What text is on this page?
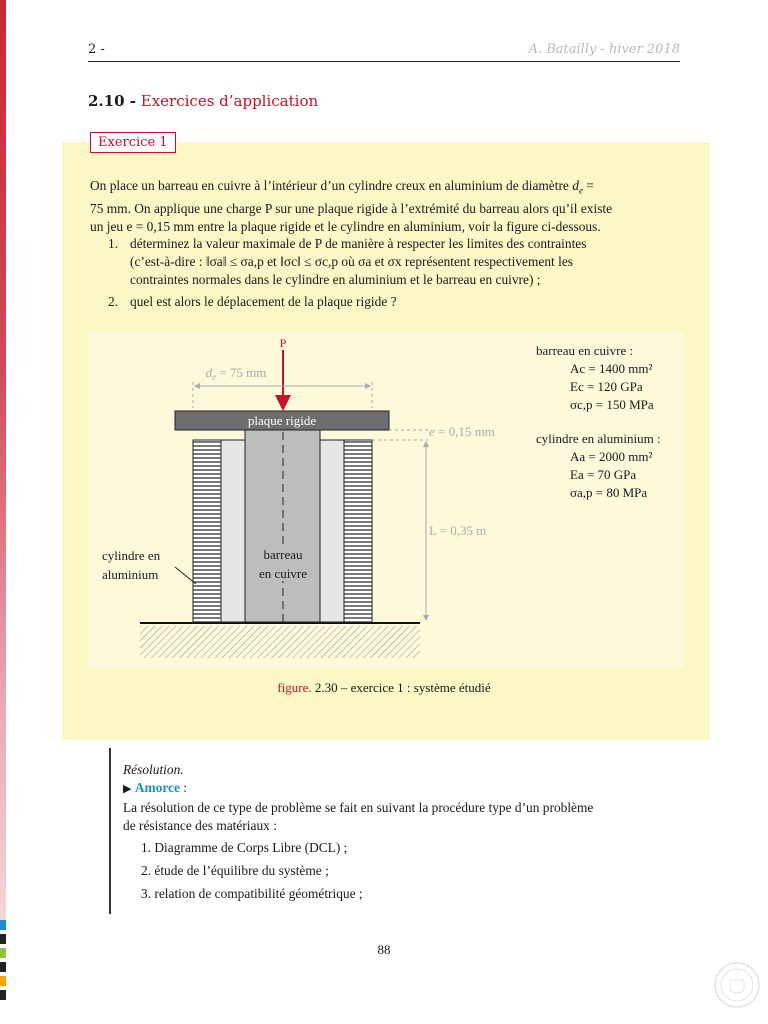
2 -	A. Batailly - hiver 2018
2.10 - Exercices d’application
Exercice 1
On place un barreau en cuivre à l’intérieur d’un cylindre creux en aluminium de diamètre $d_e$ =
75 mm. On applique une charge P sur une plaque rigide à l’extrémité du barreau alors qu’il existe
un jeu e = 0,15 mm entre la plaque rigide et le cylindre en aluminium, voir la figure ci-dessous.
1. déterminez la valeur maximale de P de manière à respecter les limites des contraintes
(c’est-à-dire : ‖σa‖ ≤ σa,p et ‖σc‖ ≤ σc,p où σa et σx représentent respectivement les
contraintes normales dans le cylindre en aluminium et le barreau en cuivre) ;
2. quel est alors le déplacement de la plaque rigide ?
plaque rigide
P
$d_e = 75$ mm
e = 0,15 mm
L = 0,35 m
cylindre en
aluminium
barreau
en cuivre
barreau en cuivre :
Ac = 1400 mm²
Ec = 120 GPa
σc,p = 150 MPa
cylindre en aluminium :
Aa = 2000 mm²
Ea = 70 GPa
σa,p = 80 MPa
figure. 2.30 – exercice 1 : système étudié
Résolution.
▶ Amorce :
La résolution de ce type de problème se fait en suivant la procédure type d’un problème
de résistance des matériaux :
1. Diagramme de Corps Libre (DCL) ;
2. étude de l’équilibre du système ;
3. relation de compatibilité géométrique ;
88
